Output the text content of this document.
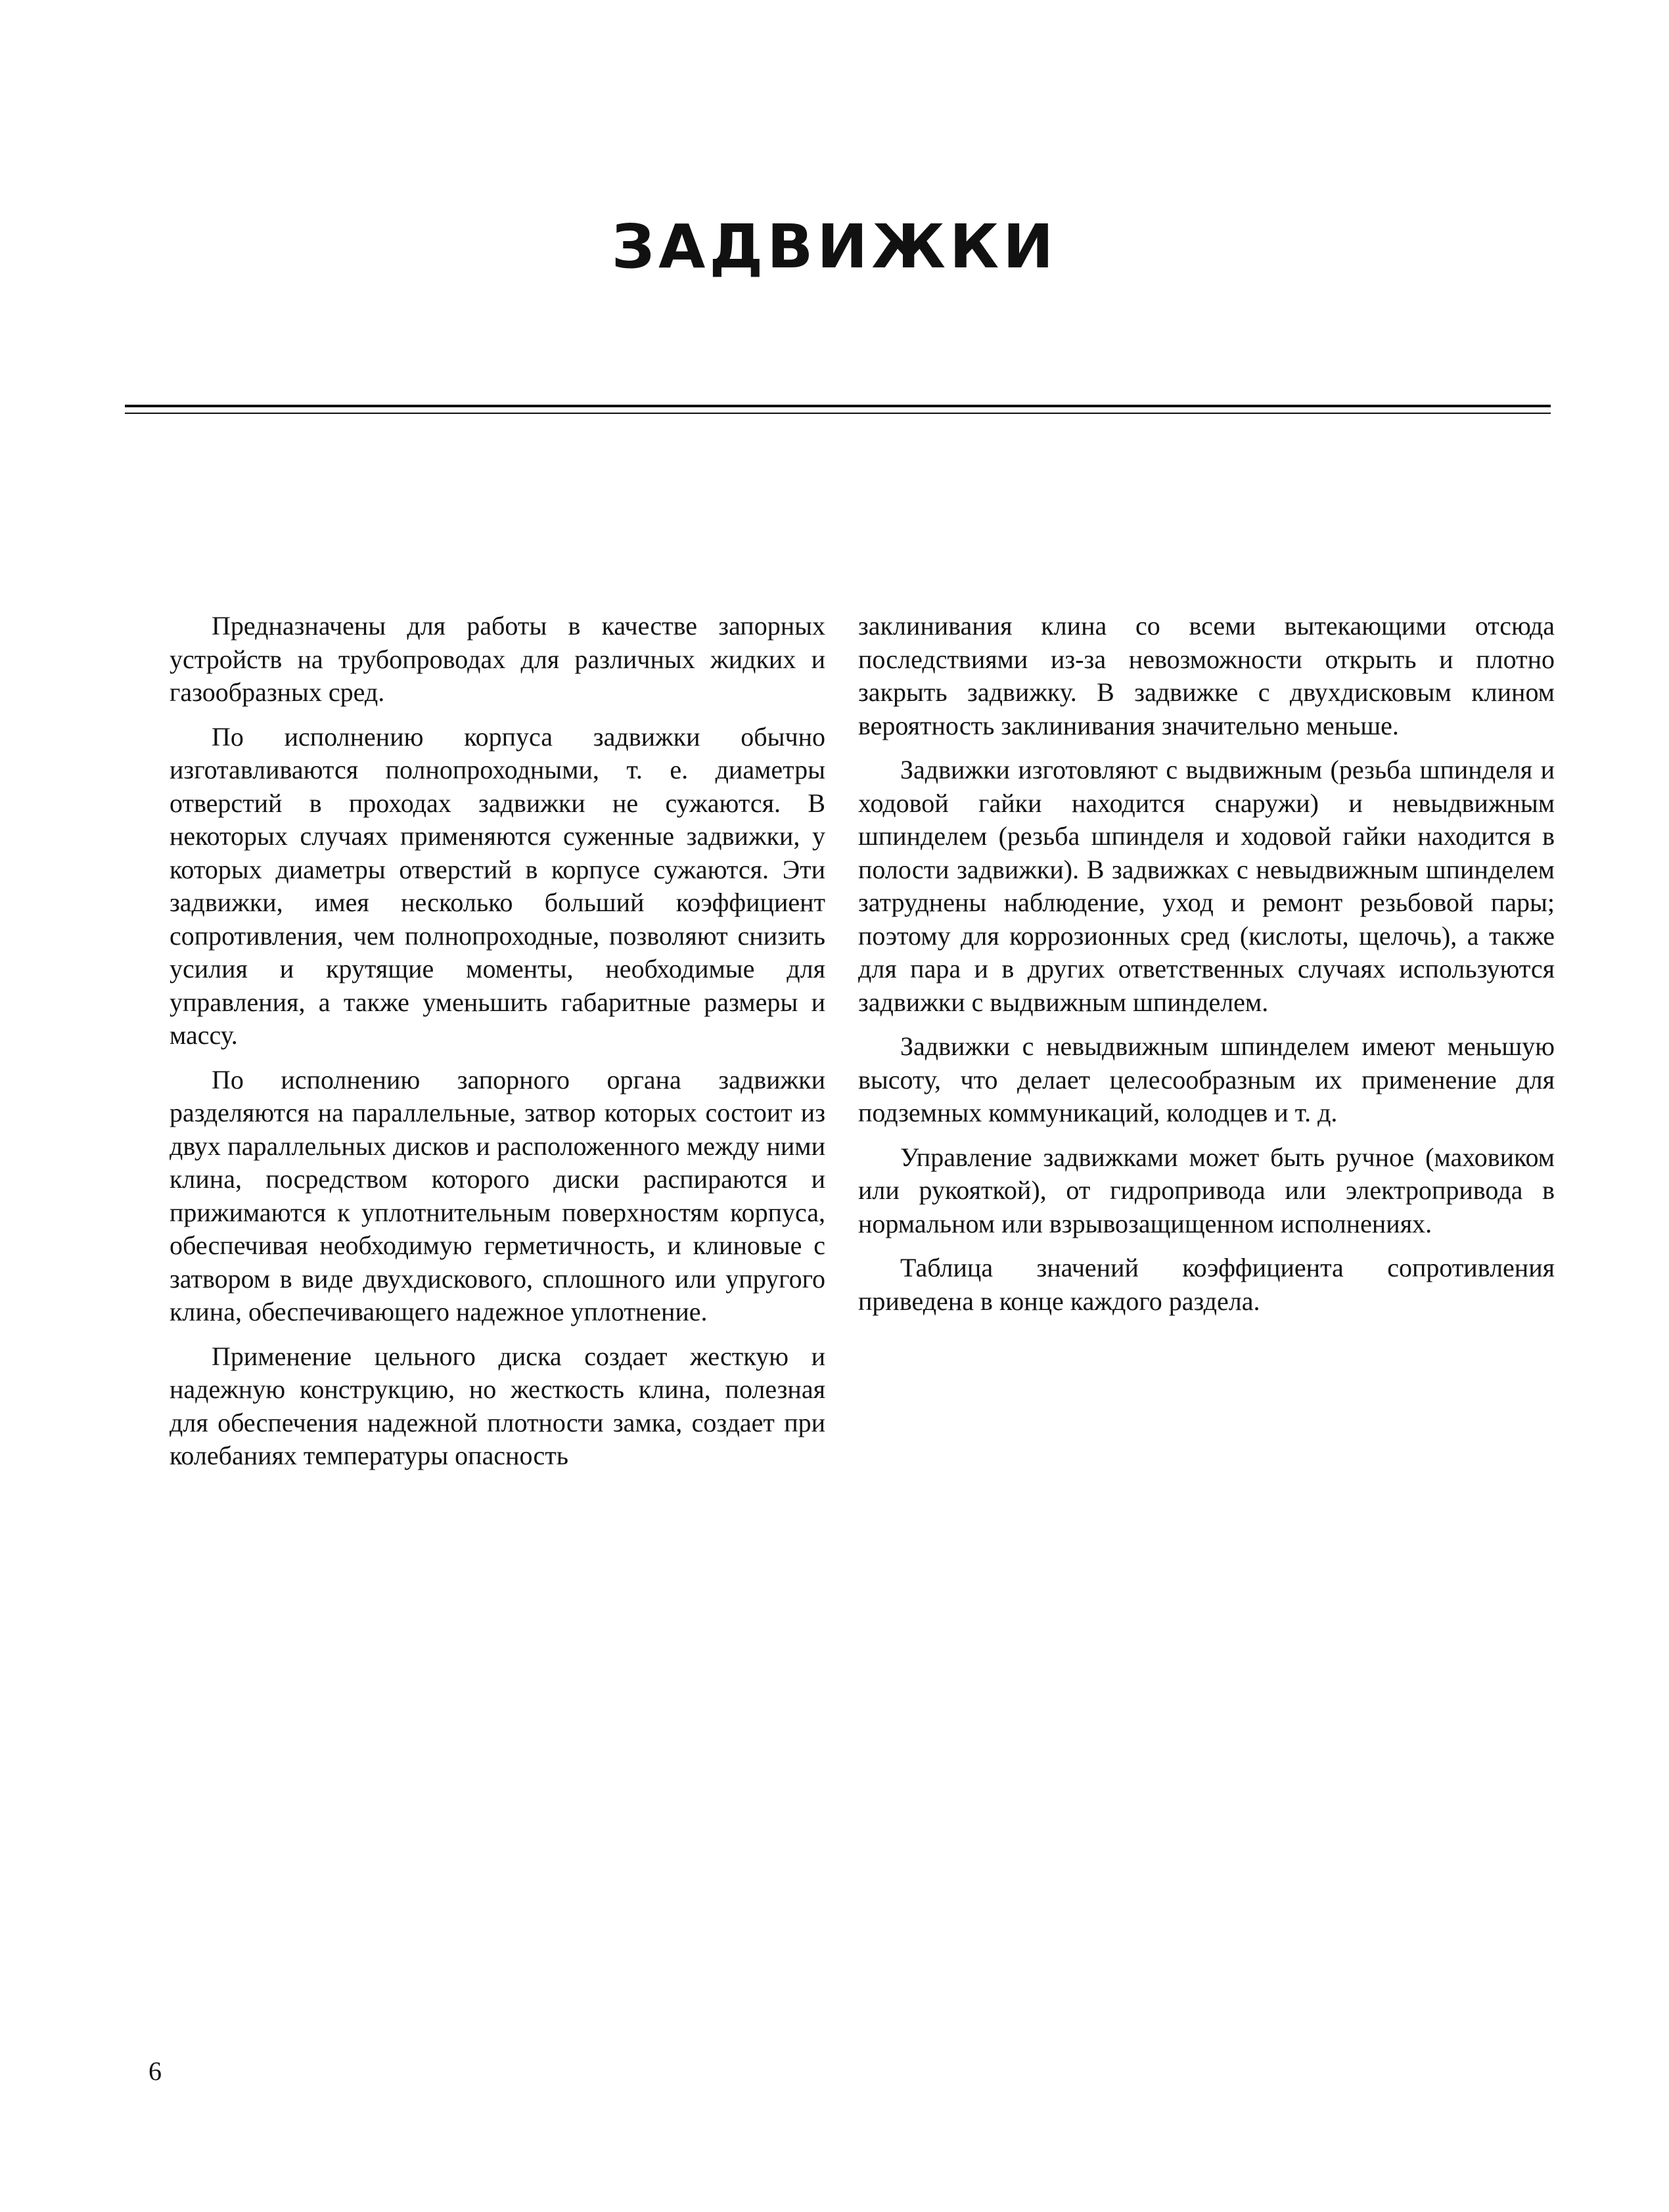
ЗАДВИЖКИ

Предназначены для работы в качестве запорных устройств на трубопроводах для различных жидких и газообразных сред.

По исполнению корпуса задвижки обычно изготавливаются полнопроходными, т. е. диаметры отверстий в проходах задвижки не сужаются. В некоторых случаях применяются суженные задвижки, у которых диаметры отверстий в корпусе сужаются. Эти задвижки, имея несколько больший коэффициент сопротивления, чем полнопроходные, позволяют снизить усилия и крутящие моменты, необходимые для управления, а также уменьшить габаритные размеры и массу.

По исполнению запорного органа задвижки разделяются на параллельные, затвор которых состоит из двух параллельных дисков и расположенного между ними клина, посредством которого диски распираются и прижимаются к уплотнительным поверхностям корпуса, обеспечивая необходимую герметичность, и клиновые с затвором в виде двухдискового, сплошного или упругого клина, обеспечивающего надежное уплотнение.

Применение цельного диска создает жесткую и надежную конструкцию, но жесткость клина, полезная для обеспечения надежной плотности замка, создает при колебаниях температуры опасность

заклинивания клина со всеми вытекающими отсюда последствиями из-за невозможности открыть и плотно закрыть задвижку. В задвижке с двухдисковым клином вероятность заклинивания значительно меньше.

Задвижки изготовляют с выдвижным (резьба шпинделя и ходовой гайки находится снаружи) и невыдвижным шпинделем (резьба шпинделя и ходовой гайки находится в полости задвижки). В задвижках с невыдвижным шпинделем затруднены наблюдение, уход и ремонт резьбовой пары; поэтому для коррозионных сред (кислоты, щелочь), а также для пара и в других ответственных случаях используются задвижки с выдвижным шпинделем.

Задвижки с невыдвижным шпинделем имеют меньшую высоту, что делает целесообразным их применение для подземных коммуникаций, колодцев и т. д.

Управление задвижками может быть ручное (маховиком или рукояткой), от гидропривода или электропривода в нормальном или взрывозащищенном исполнениях.

Таблица значений коэффициента сопротивления приведена в конце каждого раздела.

6
